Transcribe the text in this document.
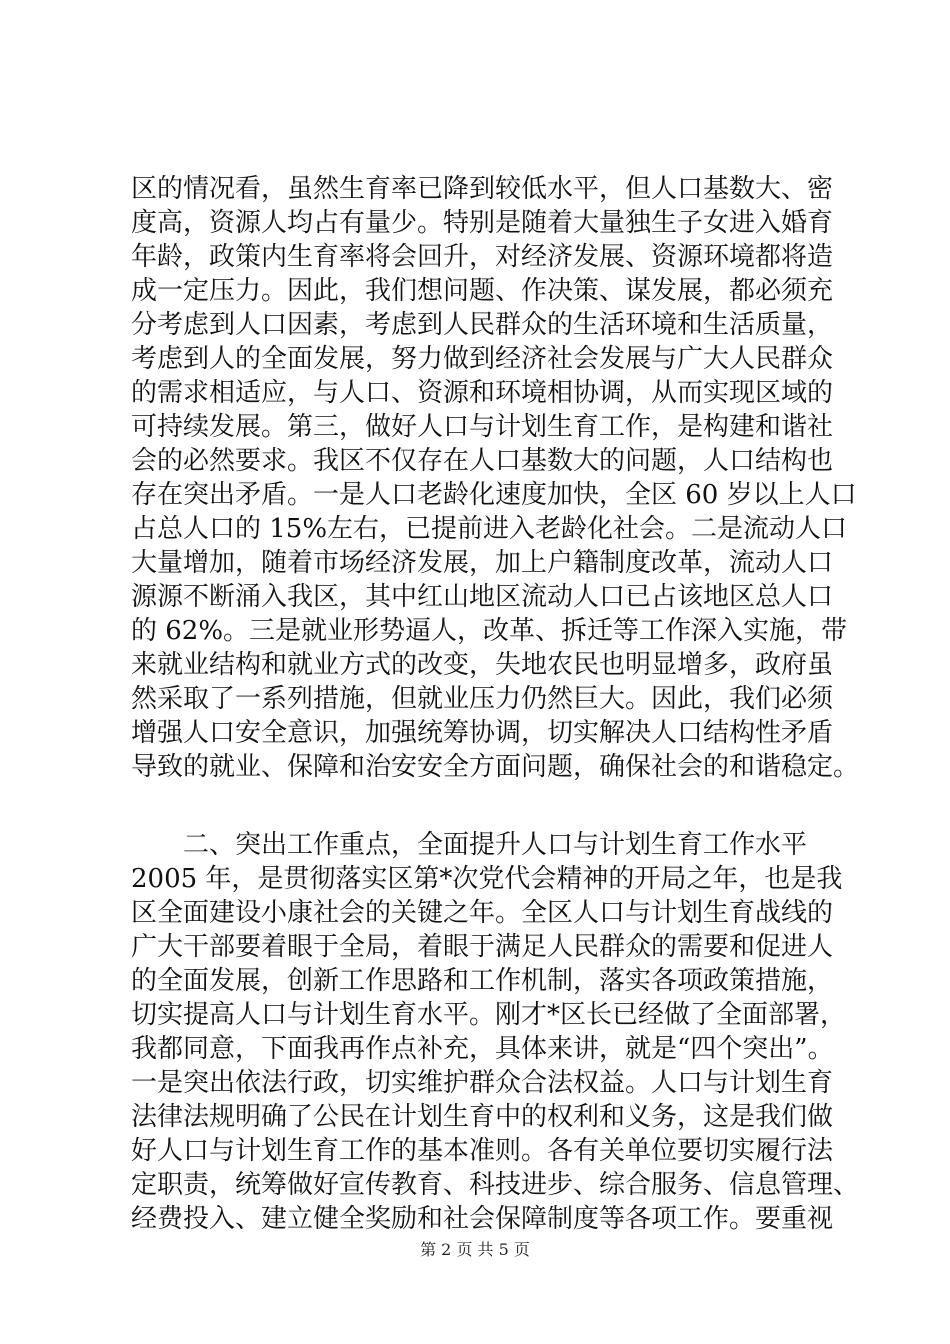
区的情况看，虽然生育率已降到较低水平，但人口基数大、密
度高，资源人均占有量少。特别是随着大量独生子女进入婚育
年龄，政策内生育率将会回升，对经济发展、资源环境都将造
成一定压力。因此，我们想问题、作决策、谋发展，都必须充
分考虑到人口因素，考虑到人民群众的生活环境和生活质量，
考虑到人的全面发展，努力做到经济社会发展与广大人民群众
的需求相适应，与人口、资源和环境相协调，从而实现区域的
可持续发展。第三，做好人口与计划生育工作，是构建和谐社
会的必然要求。我区不仅存在人口基数大的问题，人口结构也
存在突出矛盾。一是人口老龄化速度加快，全区 60 岁以上人口
占总人口的 15%左右，已提前进入老龄化社会。二是流动人口
大量增加，随着市场经济发展，加上户籍制度改革，流动人口
源源不断涌入我区，其中红山地区流动人口已占该地区总人口
的 62%。三是就业形势逼人，改革、拆迁等工作深入实施，带
来就业结构和就业方式的改变，失地农民也明显增多，政府虽
然采取了一系列措施，但就业压力仍然巨大。因此，我们必须
增强人口安全意识，加强统筹协调，切实解决人口结构性矛盾
导致的就业、保障和治安安全方面问题，确保社会的和谐稳定。
　　二、突出工作重点，全面提升人口与计划生育工作水平
2005 年，是贯彻落实区第*次党代会精神的开局之年，也是我
区全面建设小康社会的关键之年。全区人口与计划生育战线的
广大干部要着眼于全局，着眼于满足人民群众的需要和促进人
的全面发展，创新工作思路和工作机制，落实各项政策措施，
切实提高人口与计划生育水平。刚才*区长已经做了全面部署，
我都同意，下面我再作点补充，具体来讲，就是“四个突出”。
一是突出依法行政，切实维护群众合法权益。人口与计划生育
法律法规明确了公民在计划生育中的权利和义务，这是我们做
好人口与计划生育工作的基本准则。各有关单位要切实履行法
定职责，统筹做好宣传教育、科技进步、综合服务、信息管理、
经费投入、建立健全奖励和社会保障制度等各项工作。要重视
第 2 页 共 5 页
